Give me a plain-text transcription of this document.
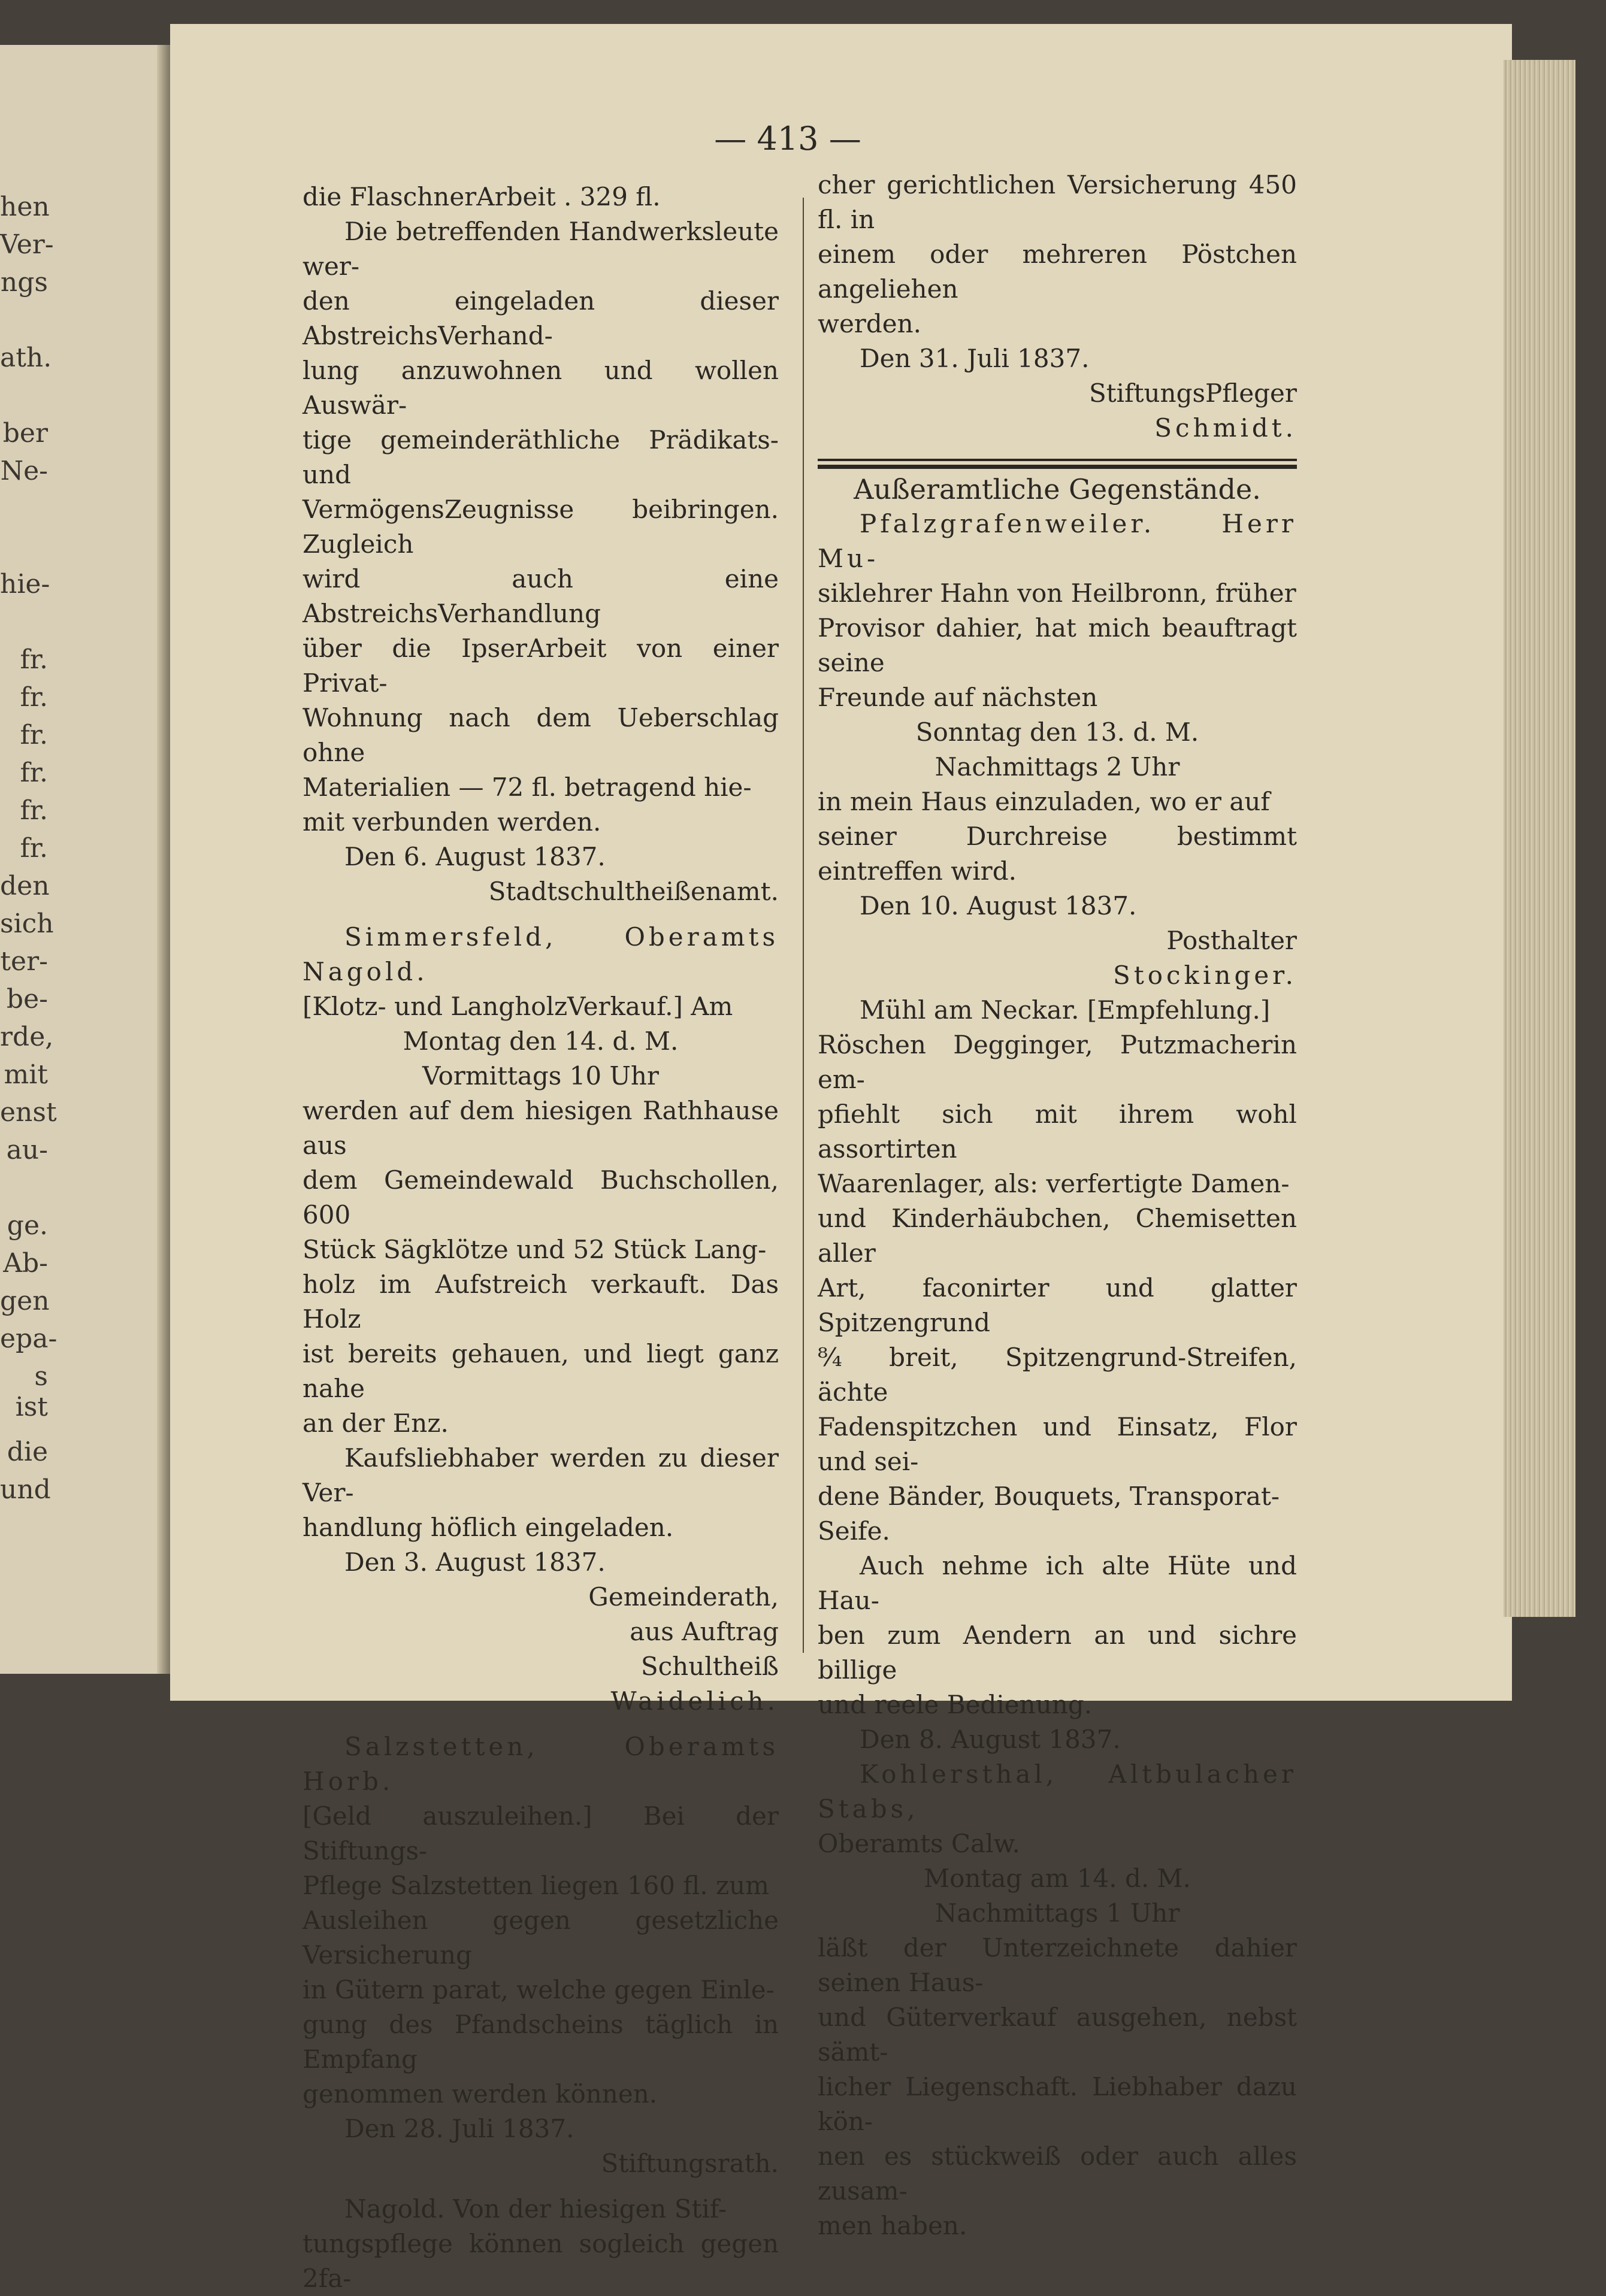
hen
Ver-
ngs
ath.
ber
Ne-
hie-
fr.
fr.
fr.
fr.
fr.
fr.
den
sich
ter-
be-
rde,
mit
enst
au-
ge.
Ab-
gen
epa-
s ist
die
und
— 413 —

die FlaschnerArbeit . 329 fl.

Die betreffenden Handwerksleute wer-

den eingeladen dieser AbstreichsVerhand-

lung anzuwohnen und wollen Auswär-

tige gemeinderäthliche Prädikats- und

VermögensZeugnisse beibringen. Zugleich

wird auch eine AbstreichsVerhandlung

über die IpserArbeit von einer Privat-

Wohnung nach dem Ueberschlag ohne

Materialien — 72 fl. betragend hie-

mit verbunden werden.

Den 6. August 1837.

Stadtschultheißenamt.

Simmersfeld, Oberamts Nagold.

[Klotz- und LangholzVerkauf.] Am

Montag den 14. d. M.

Vormittags 10 Uhr

werden auf dem hiesigen Rathhause aus

dem Gemeindewald Buchschollen, 600

Stück Sägklötze und 52 Stück Lang-

holz im Aufstreich verkauft. Das Holz

ist bereits gehauen, und liegt ganz nahe

an der Enz.

Kaufsliebhaber werden zu dieser Ver-

handlung höflich eingeladen.

Den 3. August 1837.

Gemeinderath,

aus Auftrag

Schultheiß

Waidelich.

Salzstetten, Oberamts Horb.

[Geld auszuleihen.] Bei der Stiftungs-

Pflege Salzstetten liegen 160 fl. zum

Ausleihen gegen gesetzliche Versicherung

in Gütern parat, welche gegen Einle-

gung des Pfandscheins täglich in Empfang

genommen werden können.

Den 28. Juli 1837.

Stiftungsrath.

Nagold. Von der hiesigen Stif-

tungspflege können sogleich gegen 2fa-

cher gerichtlichen Versicherung 450 fl. in

einem oder mehreren Pöstchen angeliehen

werden.

Den 31. Juli 1837.

StiftungsPfleger

Schmidt.

Außeramtliche Gegenstände.

Pfalzgrafenweiler. Herr Mu-

siklehrer Hahn von Heilbronn, früher

Provisor dahier, hat mich beauftragt seine

Freunde auf nächsten

Sonntag den 13. d. M.

Nachmittags 2 Uhr

in mein Haus einzuladen, wo er auf

seiner Durchreise bestimmt eintreffen wird.

Den 10. August 1837.

Posthalter

Stockinger.

Mühl am Neckar. [Empfehlung.]

Röschen Degginger, Putzmacherin em-

pfiehlt sich mit ihrem wohl assortirten

Waarenlager, als: verfertigte Damen-

und Kinderhäubchen, Chemisetten aller

Art, faconirter und glatter Spitzengrund

⁸⁄₄ breit, Spitzengrund-Streifen, ächte

Fadenspitzchen und Einsatz, Flor und sei-

dene Bänder, Bouquets, Transporat-

Seife.

Auch nehme ich alte Hüte und Hau-

ben zum Aendern an und sichre billige

und reele Bedienung.

Den 8. August 1837.

Kohlersthal, Altbulacher Stabs,

Oberamts Calw.

Montag am 14. d. M.

Nachmittags 1 Uhr

läßt der Unterzeichnete dahier seinen Haus-

und Güterverkauf ausgehen, nebst sämt-

licher Liegenschaft. Liebhaber dazu kön-

nen es stückweiß oder auch alles zusam-

men haben.
